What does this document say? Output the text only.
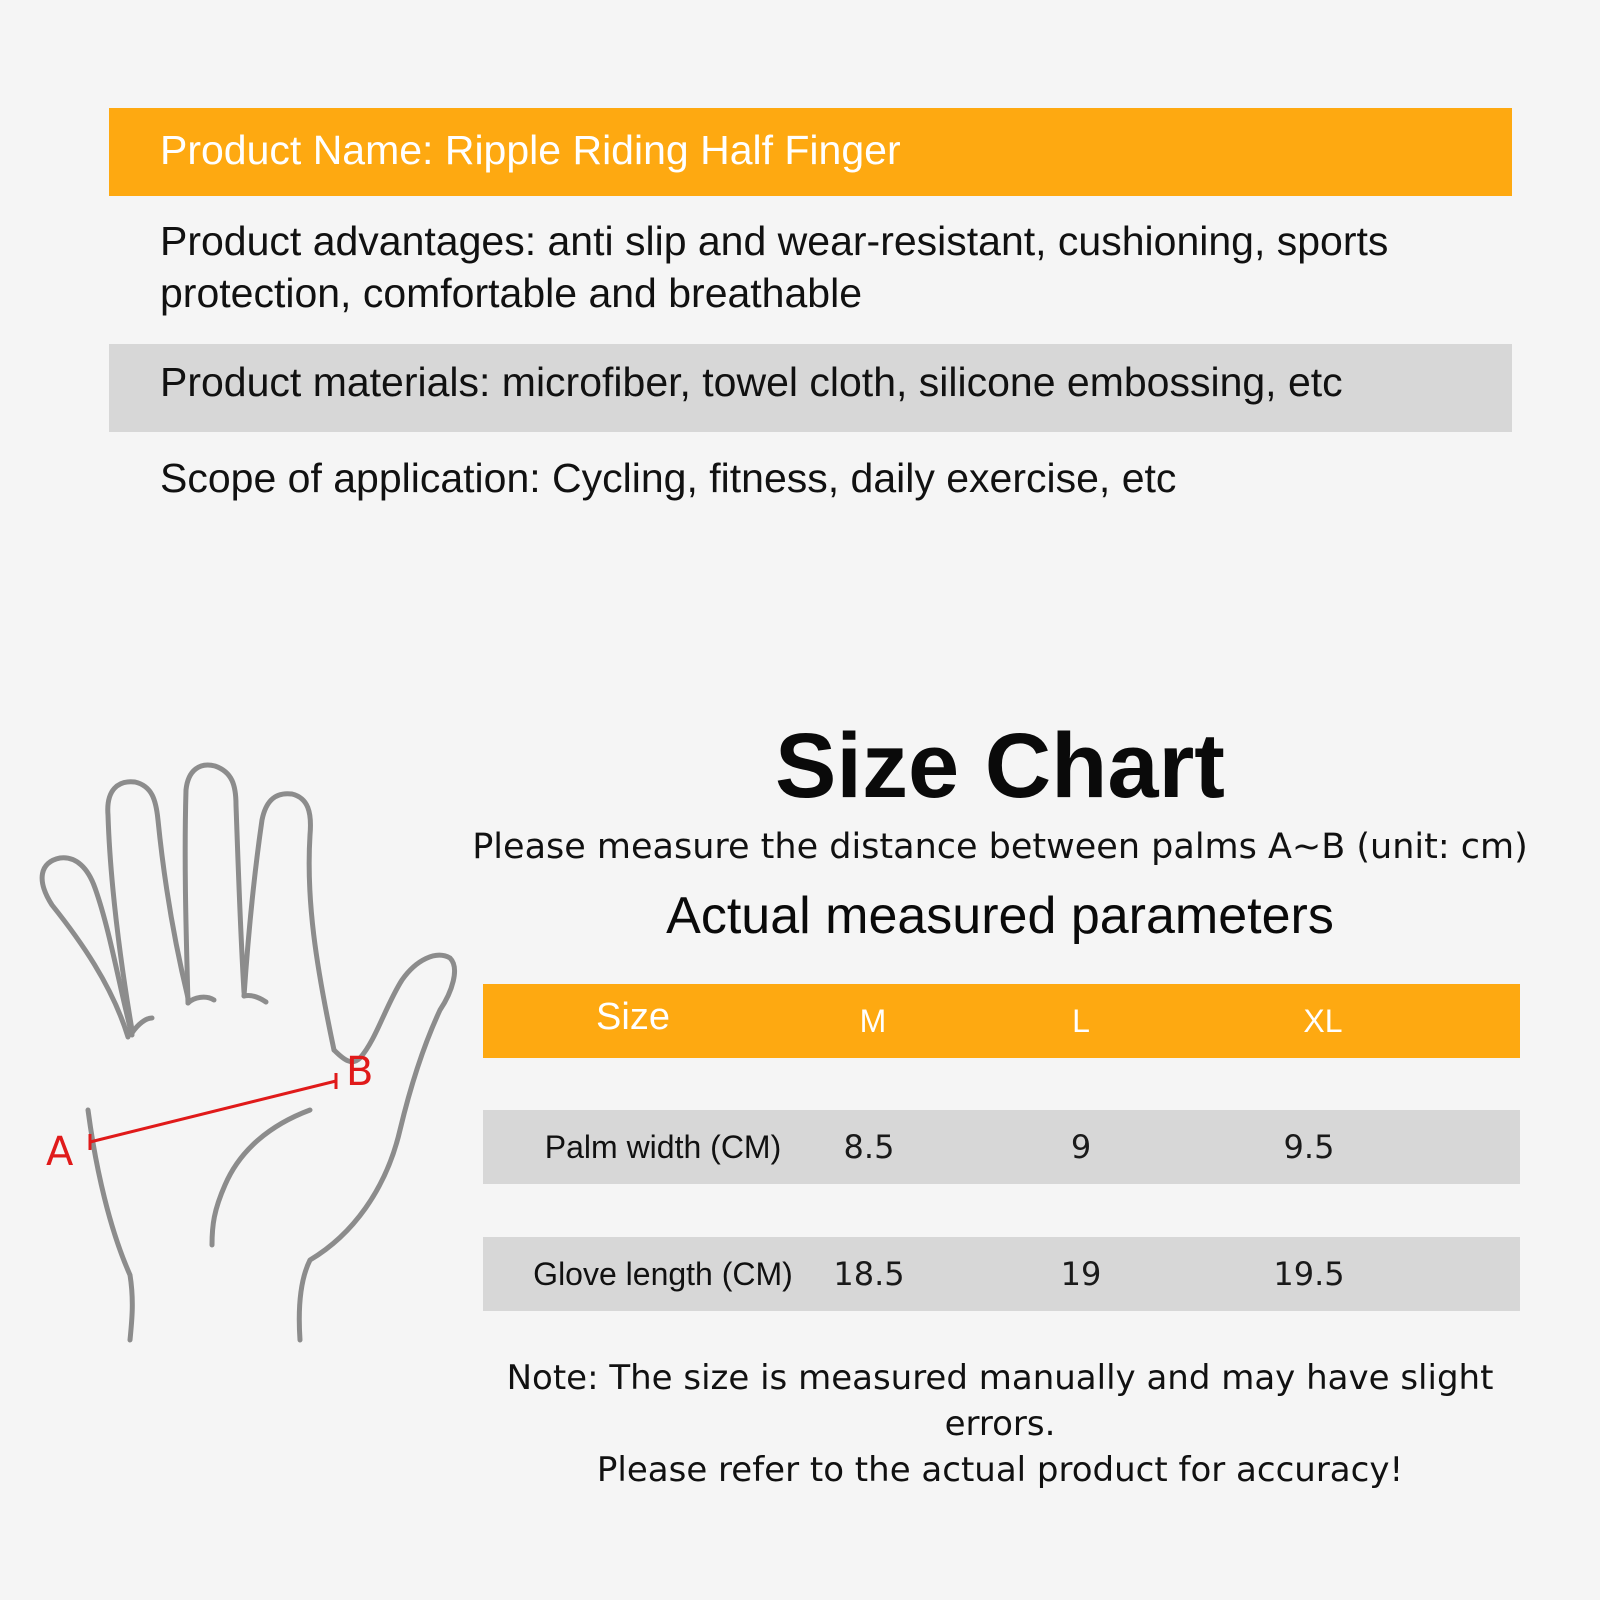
Product Name: Ripple Riding Half Finger
Product advantages: anti slip and wear-resistant, cushioning, sports protection, comfortable and breathable
Product materials: microfiber, towel cloth, silicone embossing, etc
Scope of application: Cycling, fitness, daily exercise, etc
A
B
Size Chart
Please measure the distance between palms A~B (unit: cm)
Actual measured parameters
Size	M	L	XL
Palm width (CM)	8.5	9	9.5
Glove length (CM)	18.5	19	19.5
Note: The size is measured manually and may have slight errors.
Please refer to the actual product for accuracy!
